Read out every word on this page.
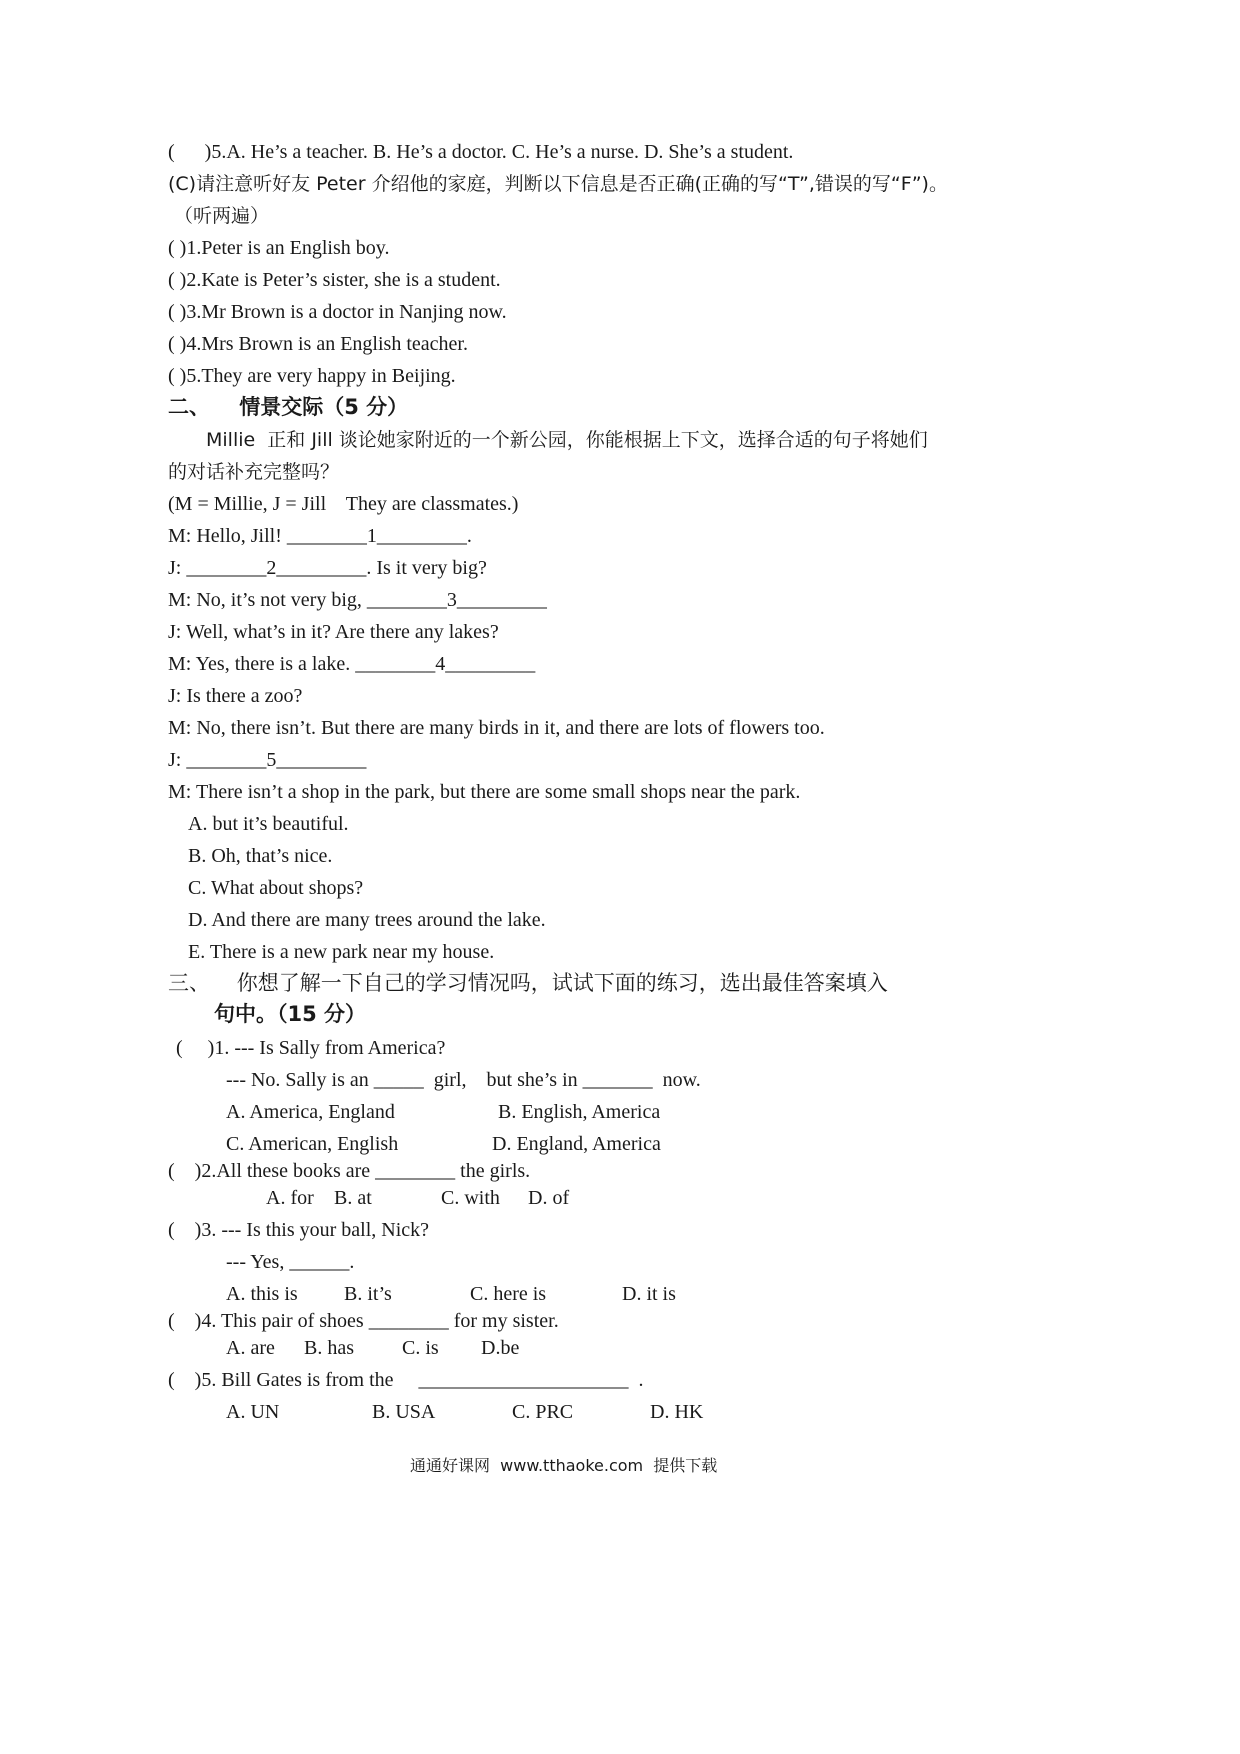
(      )5.A. He’s a teacher. B. He’s a doctor. C. He’s a nurse. D. She’s a student.
(C)请注意听好友 Peter 介绍他的家庭，判断以下信息是否正确(正确的写“T”,错误的写“F”)。
（听两遍）
( )1.Peter is an English boy.
( )2.Kate is Peter’s sister, she is a student.
( )3.Mr Brown is a doctor in Nanjing now.
( )4.Mrs Brown is an English teacher.
( )5.They are very happy in Beijing.
二、    情景交际（5 分）
Millie  正和 Jill 谈论她家附近的一个新公园，你能根据上下文，选择合适的句子将她们
的对话补充完整吗？
(M = Millie, J = Jill    They are classmates.)
M: Hello, Jill! ________1_________.
J: ________2_________. Is it very big?
M: No, it’s not very big, ________3_________
J: Well, what’s in it? Are there any lakes?
M: Yes, there is a lake. ________4_________
J: Is there a zoo?
M: No, there isn’t. But there are many birds in it, and there are lots of flowers too.
J: ________5_________
M: There isn’t a shop in the park, but there are some small shops near the park.
A. but it’s beautiful.
B. Oh, that’s nice.
C. What about shops?
D. And there are many trees around the lake.
E. There is a new park near my house.
三、    你想了解一下自己的学习情况吗，试试下面的练习，选出最佳答案填入
句中。（15 分）
(     )1. --- Is Sally from America?
--- No. Sally is an _____  girl,    but she’s in _______  now.
A. America, England	B. English, America
C. American, English	D. England, America
(    )2.All these books are ________ the girls.
A. for B. at	C. with D. of
(    )3. --- Is this your ball, Nick?
--- Yes, ______.
A. this is B. it’s	C. here is	D. it is
(    )4. This pair of shoes ________ for my sister.
A. are B. has C. is D.be
(    )5. Bill Gates is from the     _____________________  .
A. UN	B. USA	C. PRC	D. HK
通通好课网  www.tthaoke.com  提供下载
